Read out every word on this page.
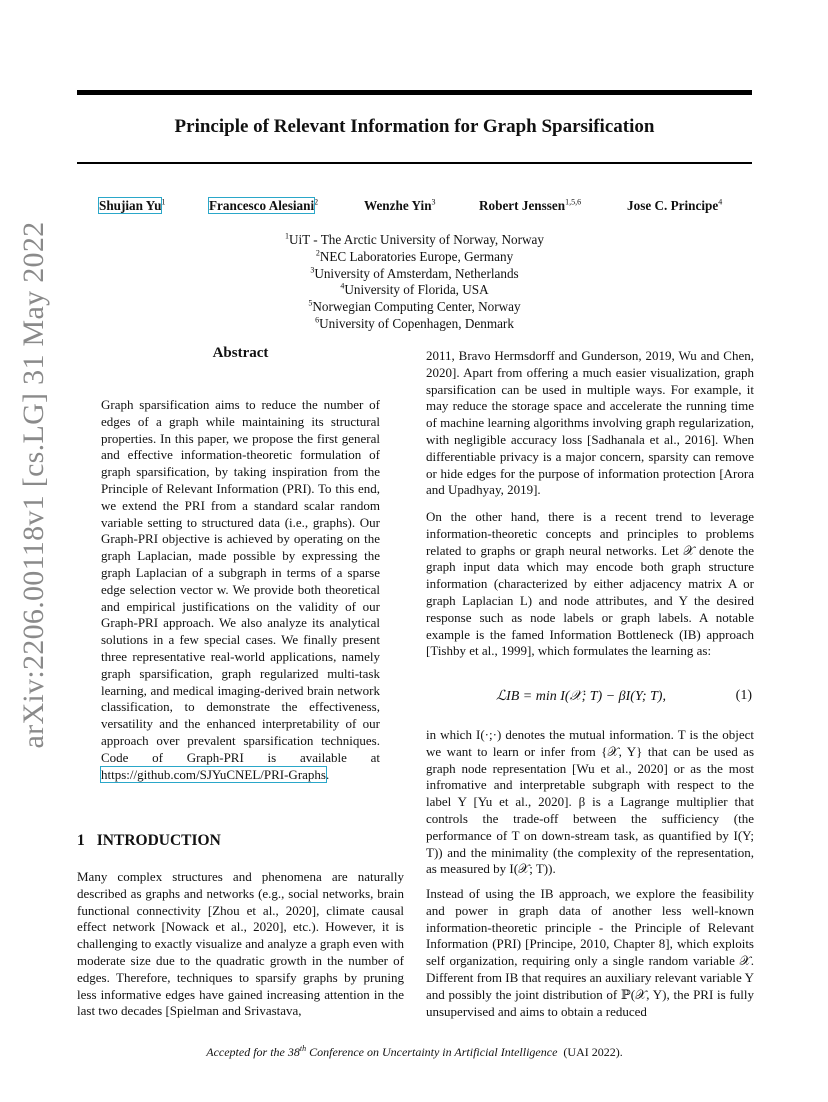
arXiv:2206.00118v1 [cs.LG] 31 May 2022
Principle of Relevant Information for Graph Sparsification
Shujian Yu$^1$	Francesco Alesiani$^2$	Wenzhe Yin$^3$	Robert Jenssen$^{1,5,6}$	Jose C. Principe$^4$
$^1$UiT - The Arctic University of Norway, Norway
$^2$NEC Laboratories Europe, Germany
$^3$University of Amsterdam, Netherlands
$^4$University of Florida, USA
$^5$Norwegian Computing Center, Norway
$^6$University of Copenhagen, Denmark
Abstract
Graph sparsification aims to reduce the number of edges of a graph while maintaining its structural properties. In this paper, we propose the first general and effective information-theoretic formulation of graph sparsification, by taking inspiration from the Principle of Relevant Information (PRI). To this end, we extend the PRI from a standard scalar random variable setting to structured data (i.e., graphs). Our Graph-PRI objective is achieved by operating on the graph Laplacian, made possible by expressing the graph Laplacian of a subgraph in terms of a sparse edge selection vector w. We provide both theoretical and empirical justifications on the validity of our Graph-PRI approach. We also analyze its analytical solutions in a few special cases. We finally present three representative real-world applications, namely graph sparsification, graph regularized multi-task learning, and medical imaging-derived brain network classification, to demonstrate the effectiveness, versatility and the enhanced interpretability of our approach over prevalent sparsification techniques. Code of Graph-PRI is available at https://github.com/SJYuCNEL/PRI-Graphs.
1 INTRODUCTION
Many complex structures and phenomena are naturally described as graphs and networks (e.g., social networks, brain functional connectivity [Zhou et al., 2020], climate causal effect network [Nowack et al., 2020], etc.). However, it is challenging to exactly visualize and analyze a graph even with moderate size due to the quadratic growth in the number of edges. Therefore, techniques to sparsify graphs by pruning less informative edges have gained increasing attention in the last two decades [Spielman and Srivastava,
2011, Bravo Hermsdorff and Gunderson, 2019, Wu and Chen, 2020]. Apart from offering a much easier visualization, graph sparsification can be used in multiple ways. For example, it may reduce the storage space and accelerate the running time of machine learning algorithms involving graph regularization, with negligible accuracy loss [Sadhanala et al., 2016]. When differentiable privacy is a major concern, sparsity can remove or hide edges for the purpose of information protection [Arora and Upadhyay, 2019].
On the other hand, there is a recent trend to leverage information-theoretic concepts and principles to problems related to graphs or graph neural networks. Let 𝒳 denote the graph input data which may encode both graph structure information (characterized by either adjacency matrix A or graph Laplacian L) and node attributes, and Y the desired response such as node labels or graph labels. A notable example is the famed Information Bottleneck (IB) approach [Tishby et al., 1999], which formulates the learning as:
ℒIB = min I(𝒳; T) − βI(Y; T),	(1)
in which I(·;·) denotes the mutual information. T is the object we want to learn or infer from {𝒳, Y} that can be used as graph node representation [Wu et al., 2020] or as the most infromative and interpretable subgraph with respect to the label Y [Yu et al., 2020]. β is a Lagrange multiplier that controls the trade-off between the sufficiency (the performance of T on down-stream task, as quantified by I(Y; T)) and the minimality (the complexity of the representation, as measured by I(𝒳; T)).
Instead of using the IB approach, we explore the feasibility and power in graph data of another less well-known information-theoretic principle - the Principle of Relevant Information (PRI) [Principe, 2010, Chapter 8], which exploits self organization, requiring only a single random variable 𝒳. Different from IB that requires an auxiliary relevant variable Y and possibly the joint distribution of ℙ(𝒳, Y), the PRI is fully unsupervised and aims to obtain a reduced
Accepted for the 38th Conference on Uncertainty in Artificial Intelligence (UAI 2022).
